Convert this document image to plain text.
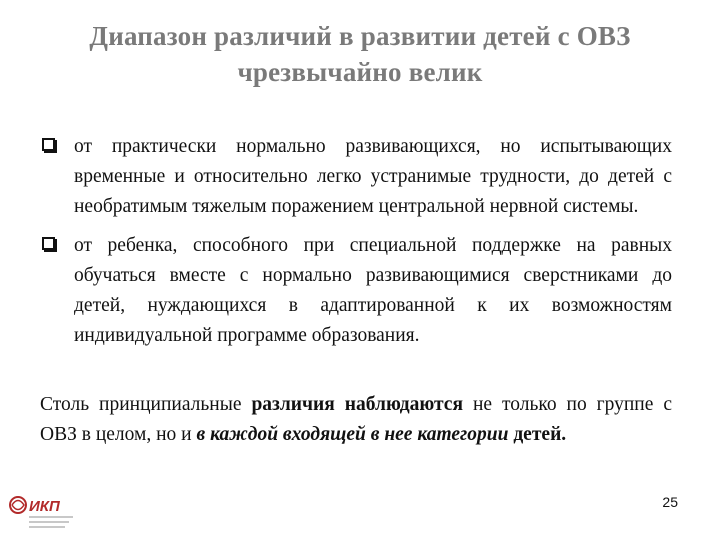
Диапазон различий в развитии детей с ОВЗ
чрезвычайно велик

от практически нормально развивающихся, но испытывающих временные и относительно легко устранимые трудности, до детей с необратимым тяжелым поражением центральной нервной системы.

от ребенка, способного при специальной поддержке на равных обучаться вместе с нормально развивающимися сверстниками до детей, нуждающихся в адаптированной к их возможностям индивидуальной программе образования.

Столь принципиальные различия наблюдаются не только по группе с ОВЗ в целом, но и в каждой входящей в нее категории детей.

ИКП	25
